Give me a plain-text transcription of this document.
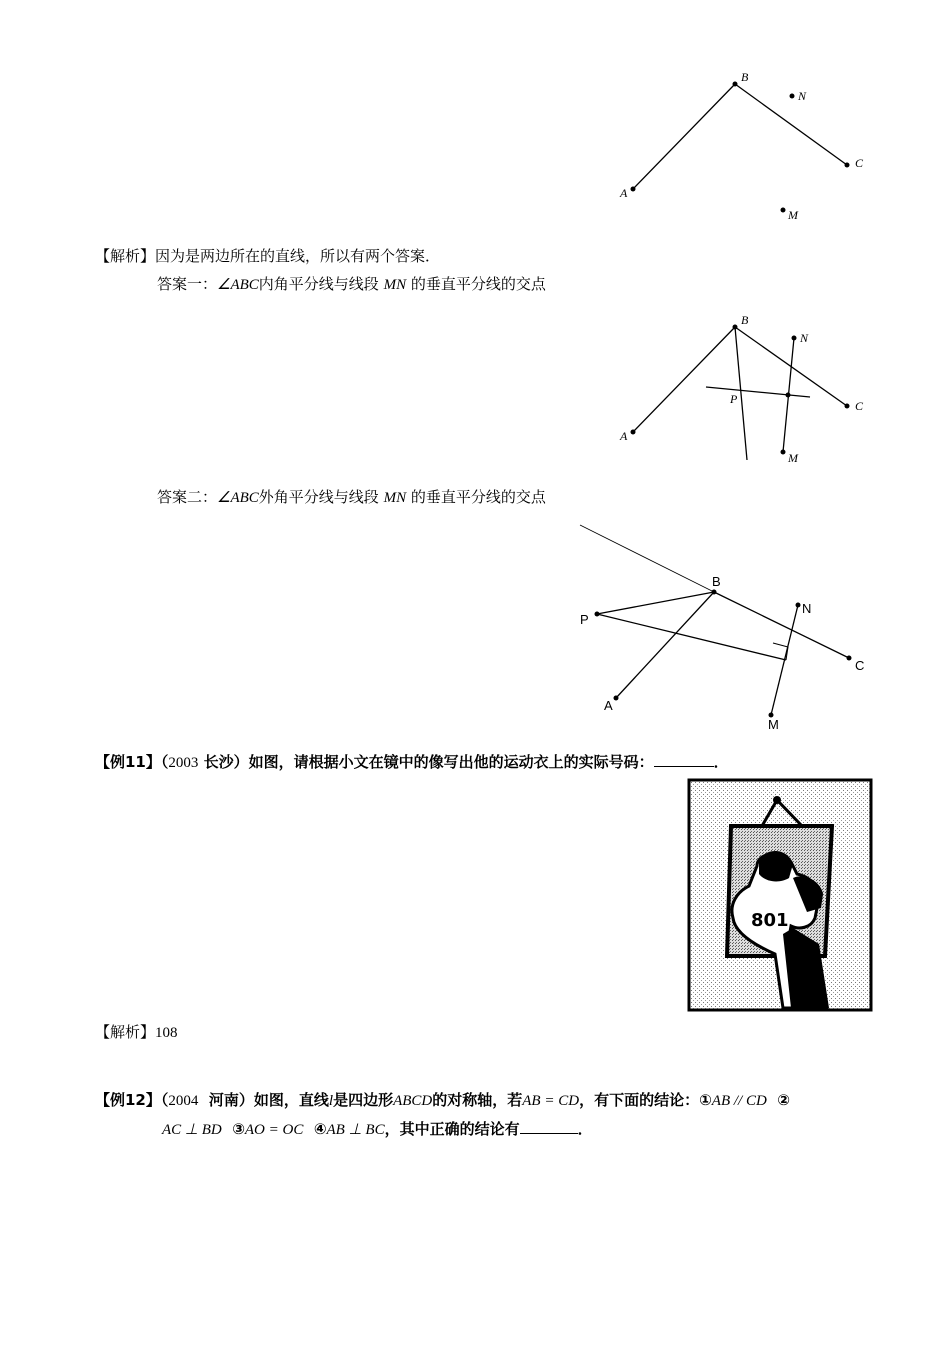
A
B
C
N
M
【解析】因为是两边所在的直线，所以有两个答案．
答案一：∠ABC内角平分线与线段 MN 的垂直平分线的交点
A
B
C
N
M
P
答案二：∠ABC外角平分线与线段 MN 的垂直平分线的交点
P
B
N
C
A
M
【例11】（2003 长沙）如图，请根据小文在镜中的像写出他的运动衣上的实际号码：	．
801
【解析】108
【例12】（2004 河南）如图，直线l是四边形ABCD的对称轴，若AB = CD，有下面的结论：①AB // CD ②
AC ⊥ BD ③AO = OC ④AB ⊥ BC，其中正确的结论有	．
